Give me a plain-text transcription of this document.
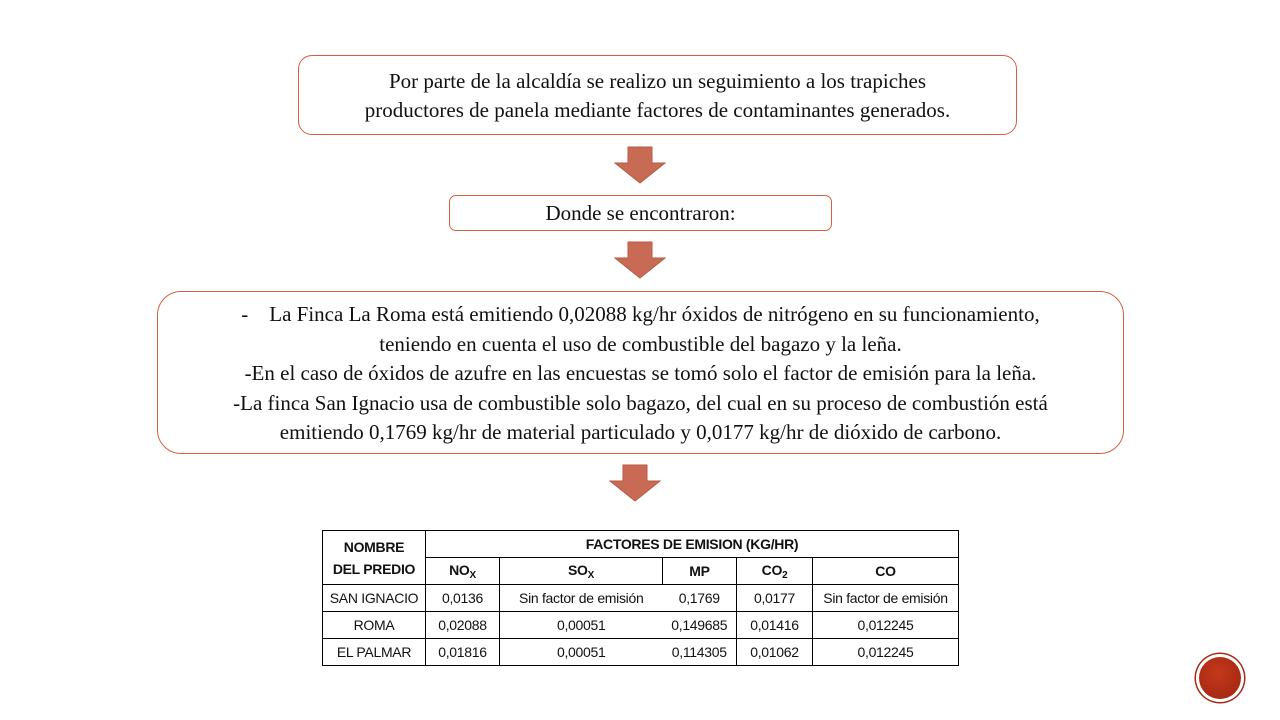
Por parte de la alcaldía se realizo un seguimiento a los trapiches
productores de panela mediante factores de contaminantes generados.
Donde se encontraron:
-    La Finca La Roma está emitiendo 0,02088 kg/hr óxidos de nitrógeno en su funcionamiento,
teniendo en cuenta el uso de combustible del bagazo y la leña.
-En el caso de óxidos de azufre en las encuestas se tomó solo el factor de emisión para la leña.
-La finca San Ignacio usa de combustible solo bagazo, del cual en su proceso de combustión está
emitiendo 0,1769 kg/hr de material particulado y 0,0177 kg/hr de dióxido de carbono.
NOMBRE
DEL PREDIO	FACTORES DE EMISION (KG/HR)				
	$NO_X$	$SO_X$	MP	$CO_2$	CO
SAN IGNACIO	0,0136	Sin factor de emisión	0,1769	0,0177	Sin factor de emisión
ROMA	0,02088	0,00051	0,149685	0,01416	0,012245
EL PALMAR	0,01816	0,00051	0,114305	0,01062	0,012245
